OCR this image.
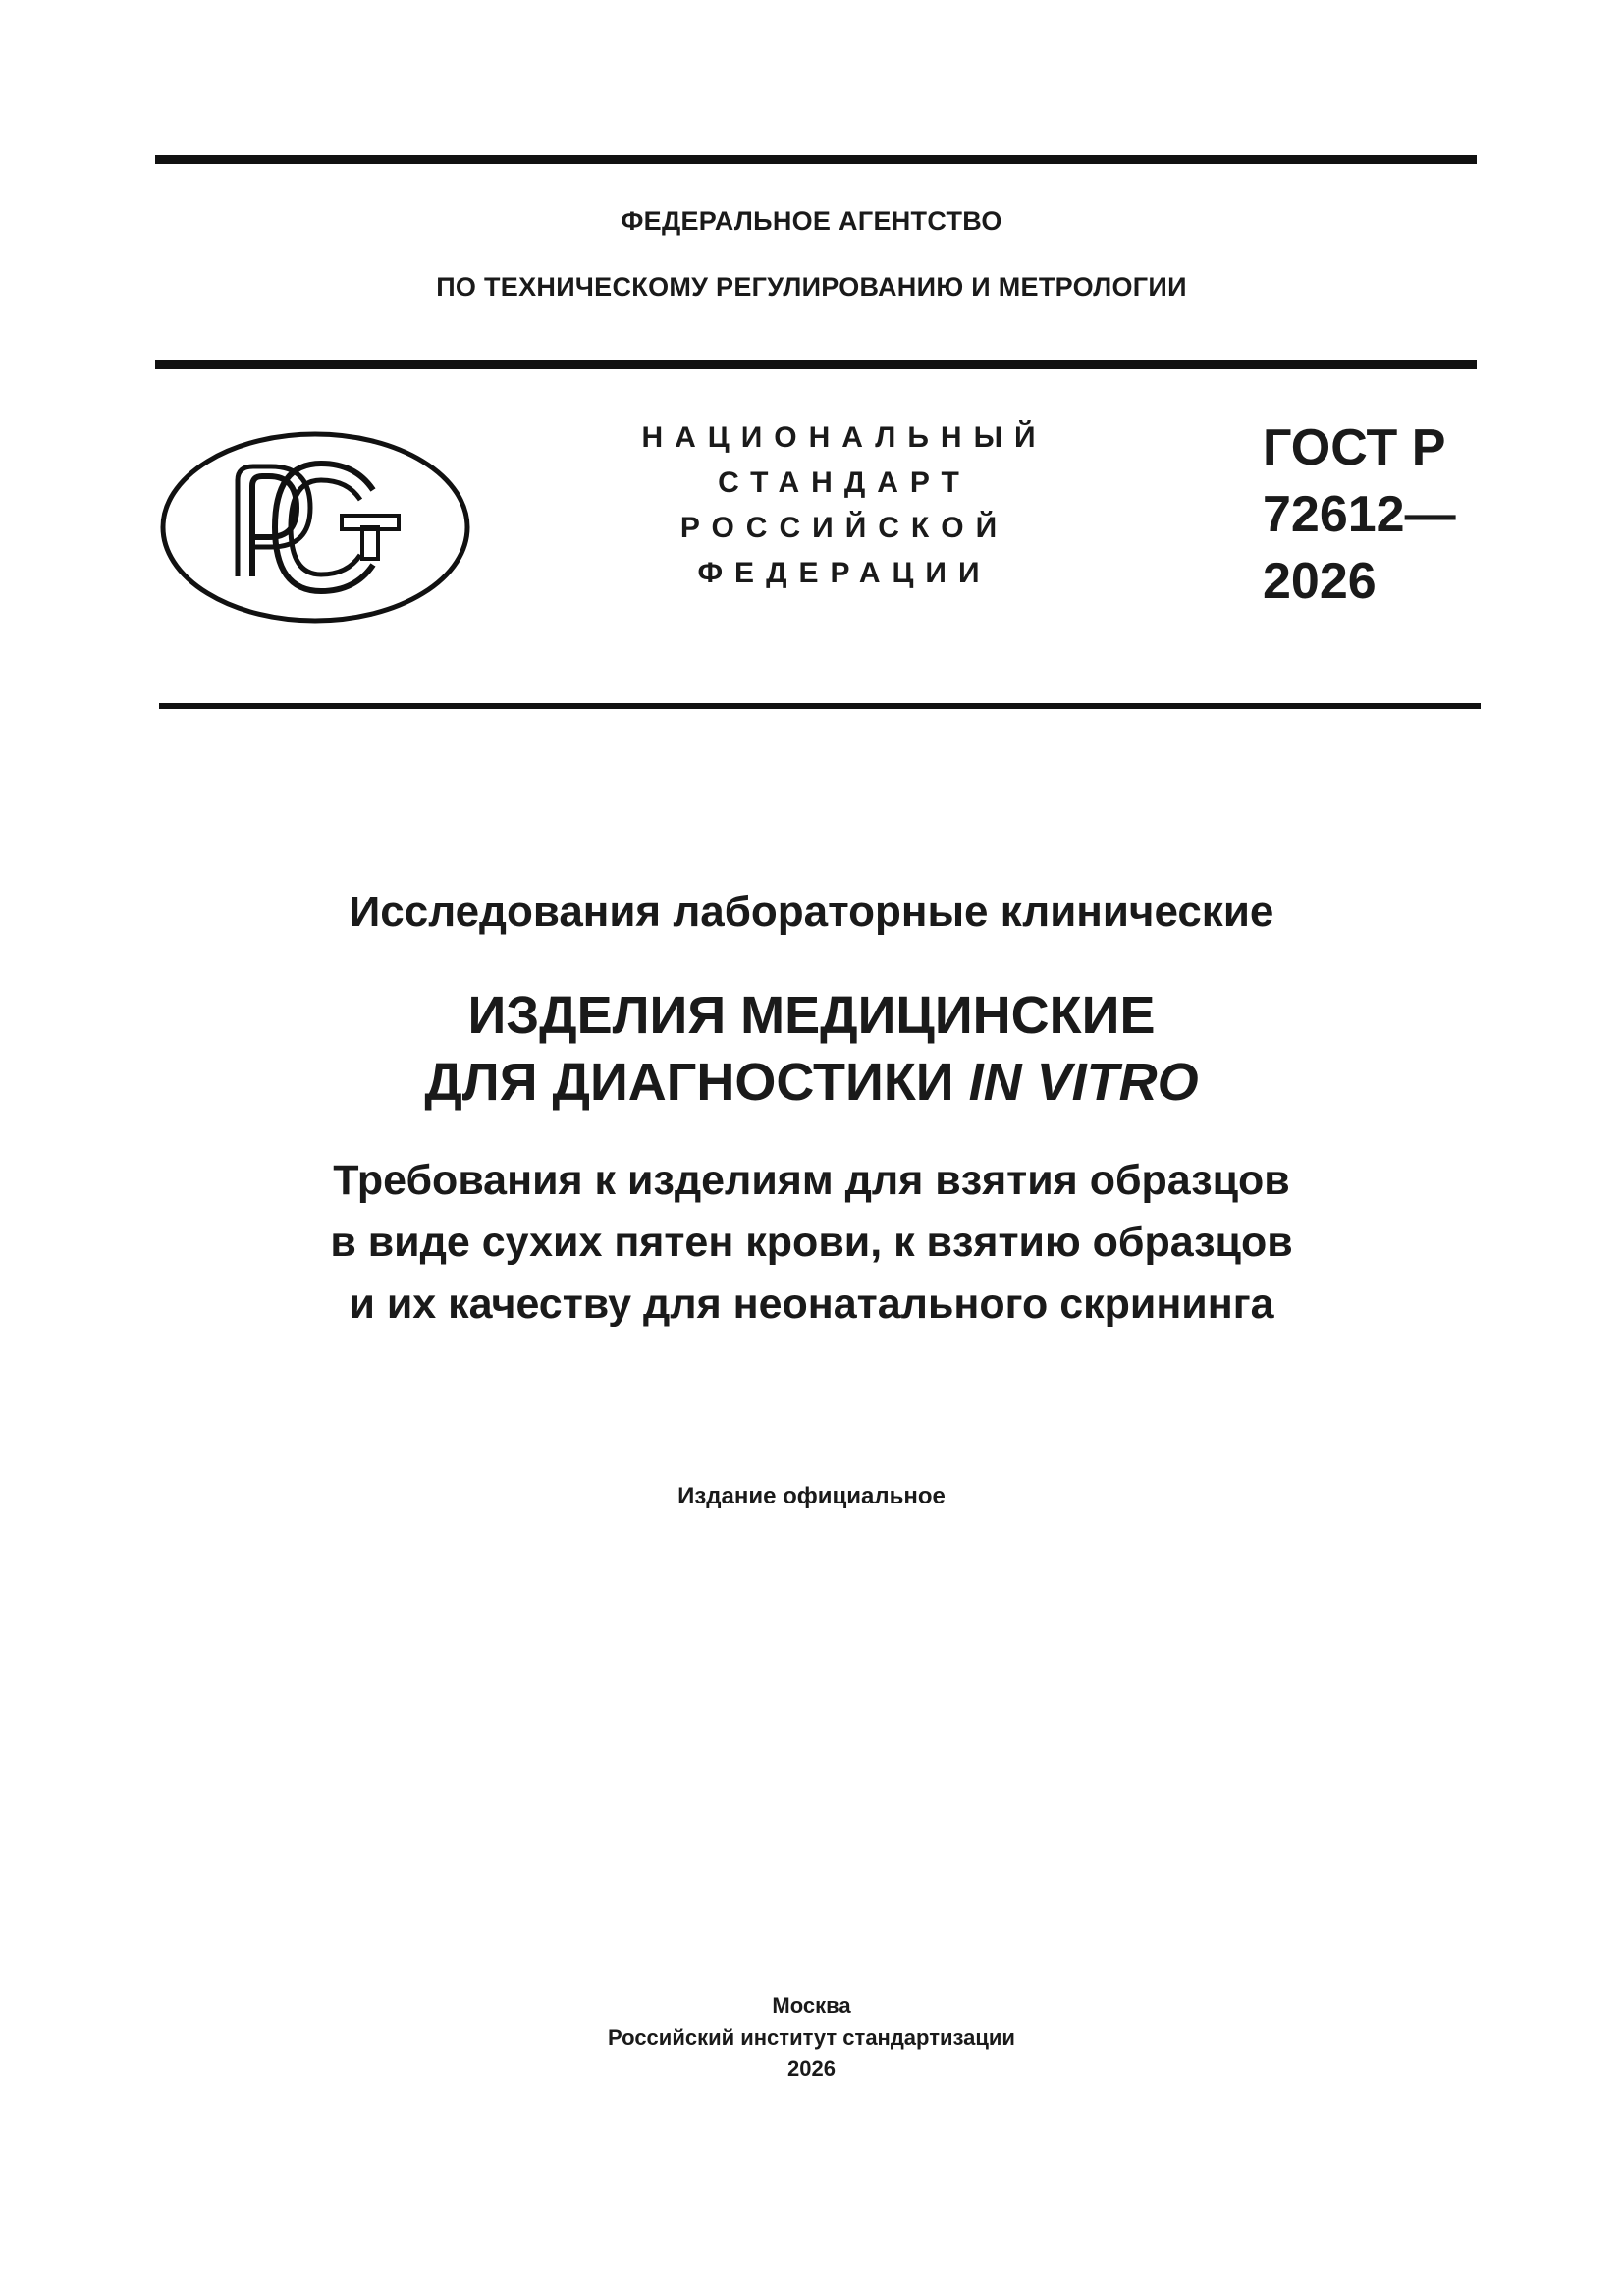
ФЕДЕРАЛЬНОЕ АГЕНТСТВО
ПО ТЕХНИЧЕСКОМУ РЕГУЛИРОВАНИЮ И МЕТРОЛОГИИ
НАЦИОНАЛЬНЫЙ
СТАНДАРТ
РОССИЙСКОЙ
ФЕДЕРАЦИИ
ГОСТ Р
72612—
2026
Исследования лабораторные клинические
ИЗДЕЛИЯ МЕДИЦИНСКИЕ
ДЛЯ ДИАГНОСТИКИ IN VITRO
Требования к изделиям для взятия образцов
в виде сухих пятен крови, к взятию образцов
и их качеству для неонатального скрининга
Издание официальное
Москва
Российский институт стандартизации
2026
